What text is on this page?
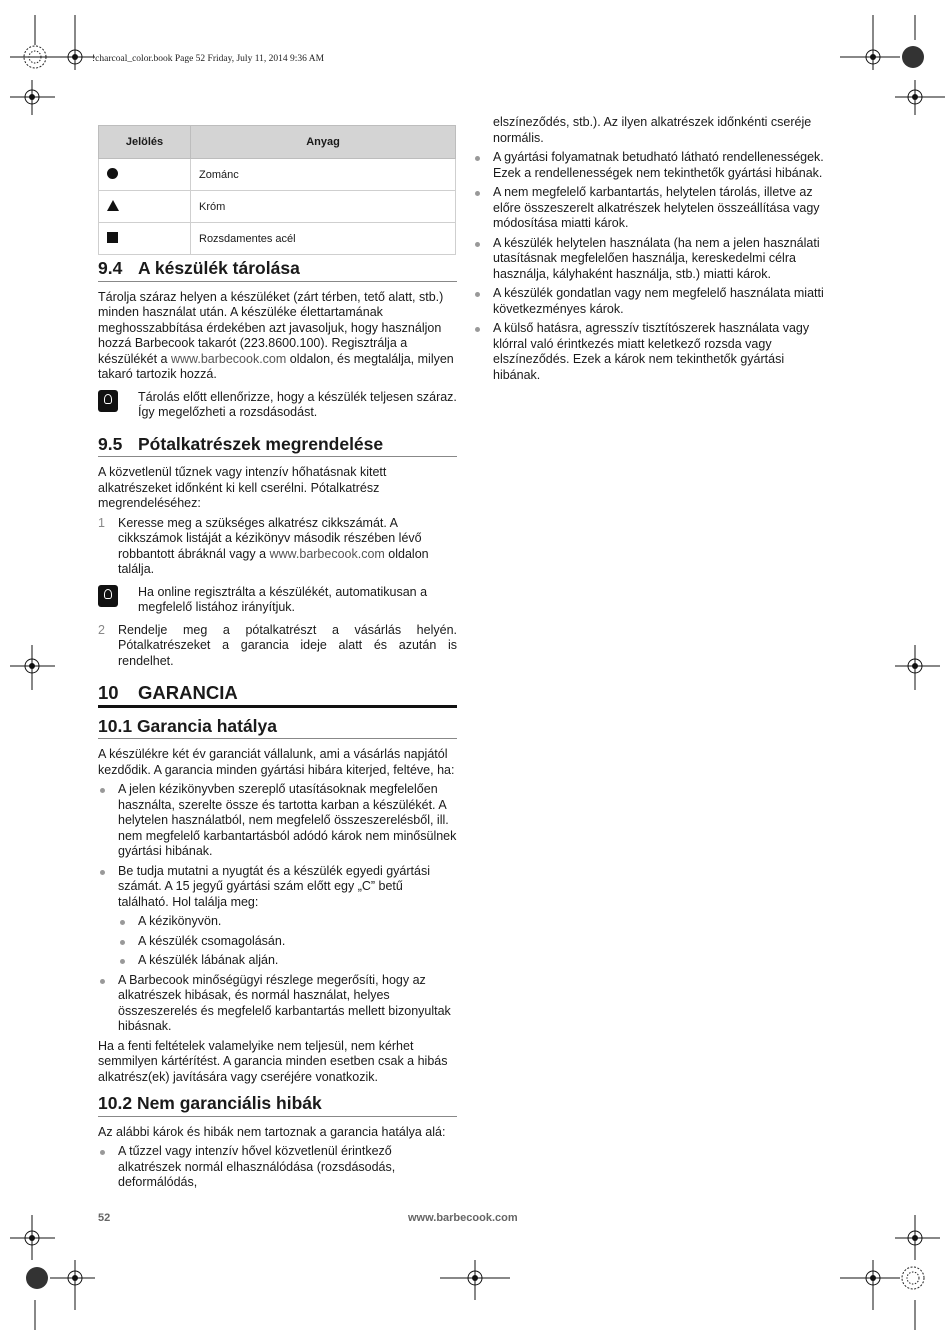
!charcoal_color.book Page 52 Friday, July 11, 2014 9:36 AM
Jelölés	Anyag
	Zománc
	Króm
	Rozsdamentes acél
9.4 A készülék tárolása

Tárolja száraz helyen a készüléket (zárt térben, tető alatt, stb.) minden használat után. A készüléke élettartamának meghosszabbítása érdekében azt javasoljuk, hogy használjon hozzá Barbecook takarót (223.8600.100). Regisztrálja a készülékét a www.barbecook.com oldalon, és megtalálja, milyen takaró tartozik hozzá.

Tárolás előtt ellenőrizze, hogy a készülék teljesen száraz. Így megelőzheti a rozsdásodást.

9.5 Pótalkatrészek megrendelése

A közvetlenül tűznek vagy intenzív hőhatásnak kitett alkatrészeket időnként ki kell cserélni. Pótalkatrész megrendeléséhez:

1	Keresse meg a szükséges alkatrész cikkszámát. A cikkszámok listáját a kézikönyv második részében lévő robbantott ábráknál vagy a www.barbecook.com oldalon találja.

Ha online regisztrálta a készülékét, automatikusan a megfelelő listához irányítjuk.

2	Rendelje meg a pótalkatrészt a vásárlás helyén. Pótalkatrészeket a garancia ideje alatt és azután is rendelhet.

10 GARANCIA
10.1 Garancia hatálya

A készülékre két év garanciát vállalunk, ami a vásárlás napjától kezdődik. A garancia minden gyártási hibára kiterjed, feltéve, ha:

A jelen kézikönyvben szereplő utasításoknak megfelelően használta, szerelte össze és tartotta karban a készülékét. A helytelen használatból, nem megfelelő összeszerelésből, ill. nem megfelelő karbantartásból adódó károk nem minősülnek gyártási hibának.
Be tudja mutatni a nyugtát és a készülék egyedi gyártási számát. A 15 jegyű gyártási szám előtt egy „C” betű található. Hol találja meg:
A kézikönyvön.
A készülék csomagolásán.
A készülék lábának alján.
A Barbecook minőségügyi részlege megerősíti, hogy az alkatrészek hibásak, és normál használat, helyes összeszerelés és megfelelő karbantartás mellett bizonyultak hibásnak.

Ha a fenti feltételek valamelyike nem teljesül, nem kérhet semmilyen kártérítést. A garancia minden esetben csak a hibás alkatrész(ek) javítására vagy cseréjére vonatkozik.

10.2 Nem garanciális hibák

Az alábbi károk és hibák nem tartoznak a garancia hatálya alá:

A tűzzel vagy intenzív hővel közvetlenül érintkező alkatrészek normál elhasználódása (rozsdásodás, deformálódás,

elszíneződés, stb.). Az ilyen alkatrészek időnkénti cseréje normális.

A gyártási folyamatnak betudható látható rendellenességek. Ezek a rendellenességek nem tekinthetők gyártási hibának.
A nem megfelelő karbantartás, helytelen tárolás, illetve az előre összeszerelt alkatrészek helytelen összeállítása vagy módosítása miatti károk.
A készülék helytelen használata (ha nem a jelen használati utasításnak megfelelően használja, kereskedelmi célra használja, kályhaként használja, stb.) miatti károk.
A készülék gondatlan vagy nem megfelelő használata miatti következményes károk.
A külső hatásra, agresszív tisztítószerek használata vagy klórral való érintkezés miatt keletkező rozsda vagy elszíneződés. Ezek a károk nem tekinthetők gyártási hibának.
52	www.barbecook.com
